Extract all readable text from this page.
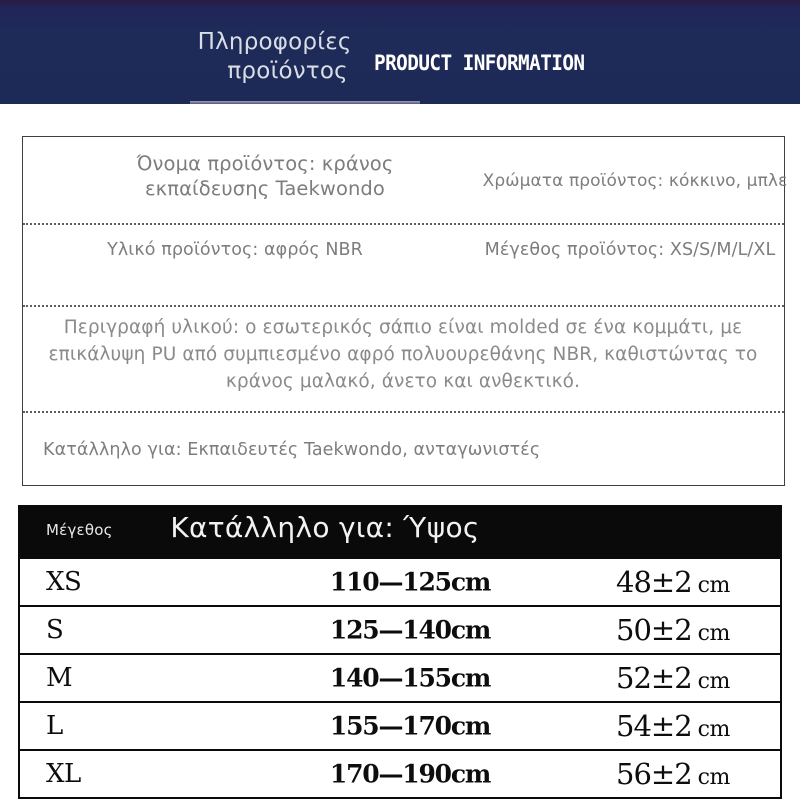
Πληροφορίες
προϊόντος PRODUCT INFORMATION
Όνομα προϊόντος: κράνος εκπαίδευσης Taekwondo	Χρώματα προϊόντος: κόκκινο, μπλε
Υλικό προϊόντος: αφρός NBR	Μέγεθος προϊόντος: XS/S/M/L/XL
Περιγραφή υλικού: ο εσωτερικός σάπιο είναι molded σε ένα κομμάτι, με επικάλυψη PU από συμπιεσμένο αφρό πολυουρεθάνης NBR, καθιστώντας το κράνος μαλακό, άνετο και ανθεκτικό.
Κατάλληλο για: Εκπαιδευτές Taekwondo, ανταγωνιστές
Μέγεθος	Κατάλληλο για: Ύψος
XS	110—125cm	48±2 cm
S	125—140cm	50±2 cm
M	140—155cm	52±2 cm
L	155—170cm	54±2 cm
XL	170—190cm	56±2 cm
